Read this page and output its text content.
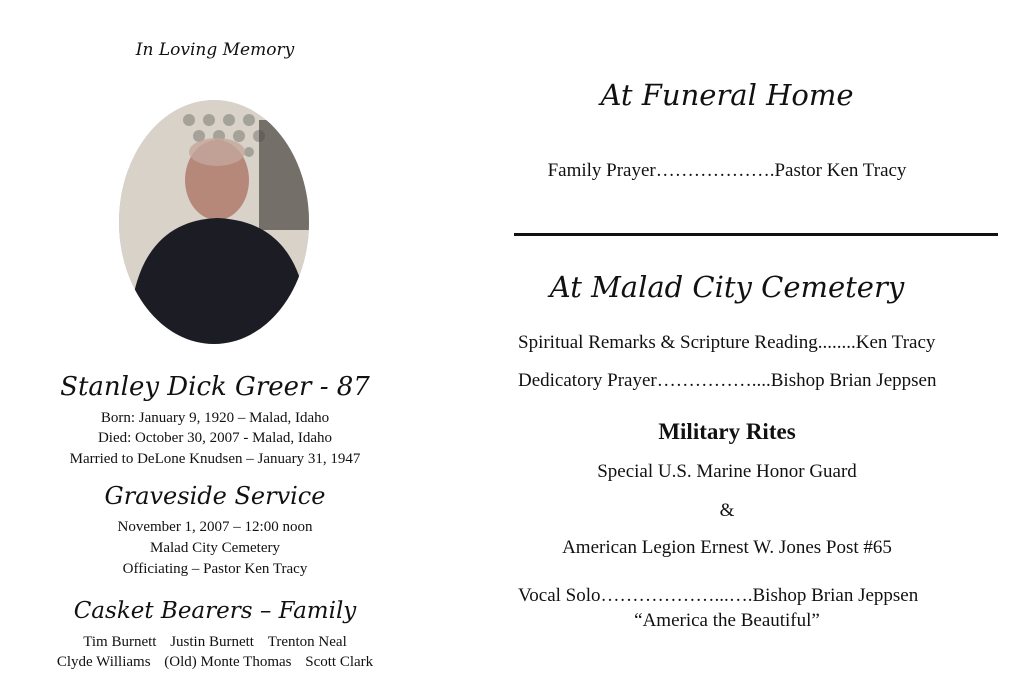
In Loving Memory
Stanley Dick Greer - 87
Born: January 9, 1920 – Malad, Idaho
Died: October 30, 2007 - Malad, Idaho
Married to DeLone Knudsen – January 31, 1947
Graveside Service
November 1, 2007 – 12:00 noon
Malad City Cemetery
Officiating – Pastor Ken Tracy
Casket Bearers – Family
Tim Burnett Justin Burnett Trenton Neal
Clyde Williams (Old) Monte Thomas Scott Clark
At Funeral Home
Family Prayer……………….Pastor Ken Tracy
At Malad City Cemetery
Spiritual Remarks & Scripture Reading........Ken Tracy
Dedicatory Prayer……………....Bishop Brian Jeppsen
Military Rites
Special U.S. Marine Honor Guard
&
American Legion Ernest W. Jones Post #65
Vocal Solo………………...….Bishop Brian Jeppsen
“America the Beautiful”
